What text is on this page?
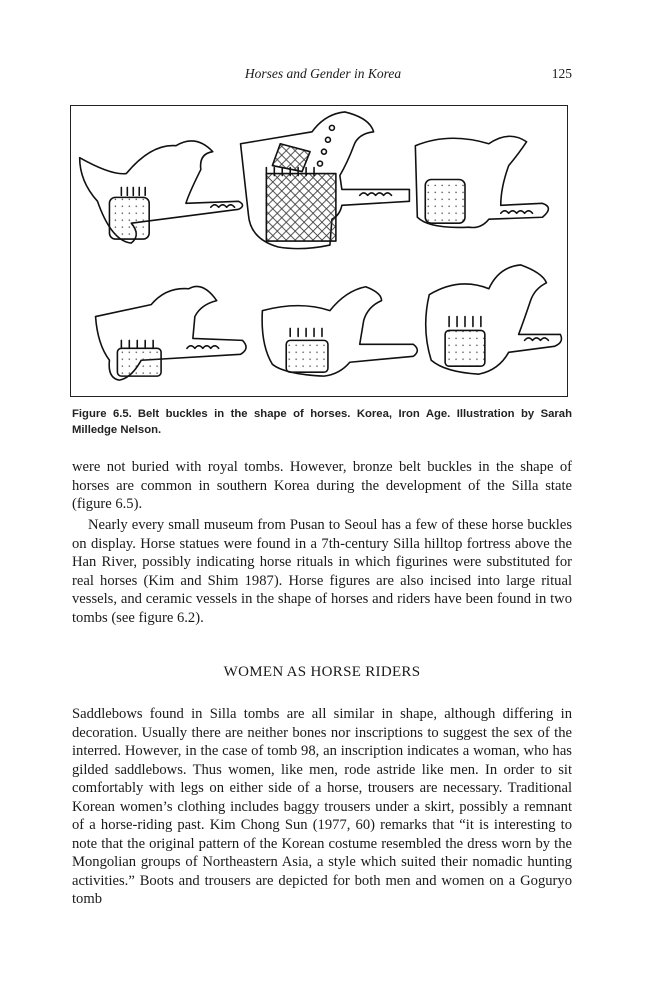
Horses and Gender in Korea	125
Figure 6.5. Belt buckles in the shape of horses. Korea, Iron Age. Illustration by Sarah Milledge Nelson.

were not buried with royal tombs. However, bronze belt buckles in the shape of horses are common in southern Korea during the development of the Silla state (figure 6.5).

Nearly every small museum from Pusan to Seoul has a few of these horse buckles on display. Horse statues were found in a 7th-century Silla hilltop fortress above the Han River, possibly indicating horse rituals in which figurines were substituted for real horses (Kim and Shim 1987). Horse figures are also incised into large ritual vessels, and ceramic vessels in the shape of horses and riders have been found in two tombs (see figure 6.2).

WOMEN AS HORSE RIDERS

Saddlebows found in Silla tombs are all similar in shape, although differing in decoration. Usually there are neither bones nor inscriptions to suggest the sex of the interred. However, in the case of tomb 98, an inscription indicates a woman, who has gilded saddlebows. Thus women, like men, rode astride like men. In order to sit comfortably with legs on either side of a horse, trousers are necessary. Traditional Korean women’s clothing includes baggy trousers under a skirt, possibly a remnant of a horse-riding past. Kim Chong Sun (1977, 60) remarks that “it is interesting to note that the original pattern of the Korean costume resembled the dress worn by the Mongolian groups of Northeastern Asia, a style which suited their nomadic hunting activities.” Boots and trousers are depicted for both men and women on a Goguryo tomb
